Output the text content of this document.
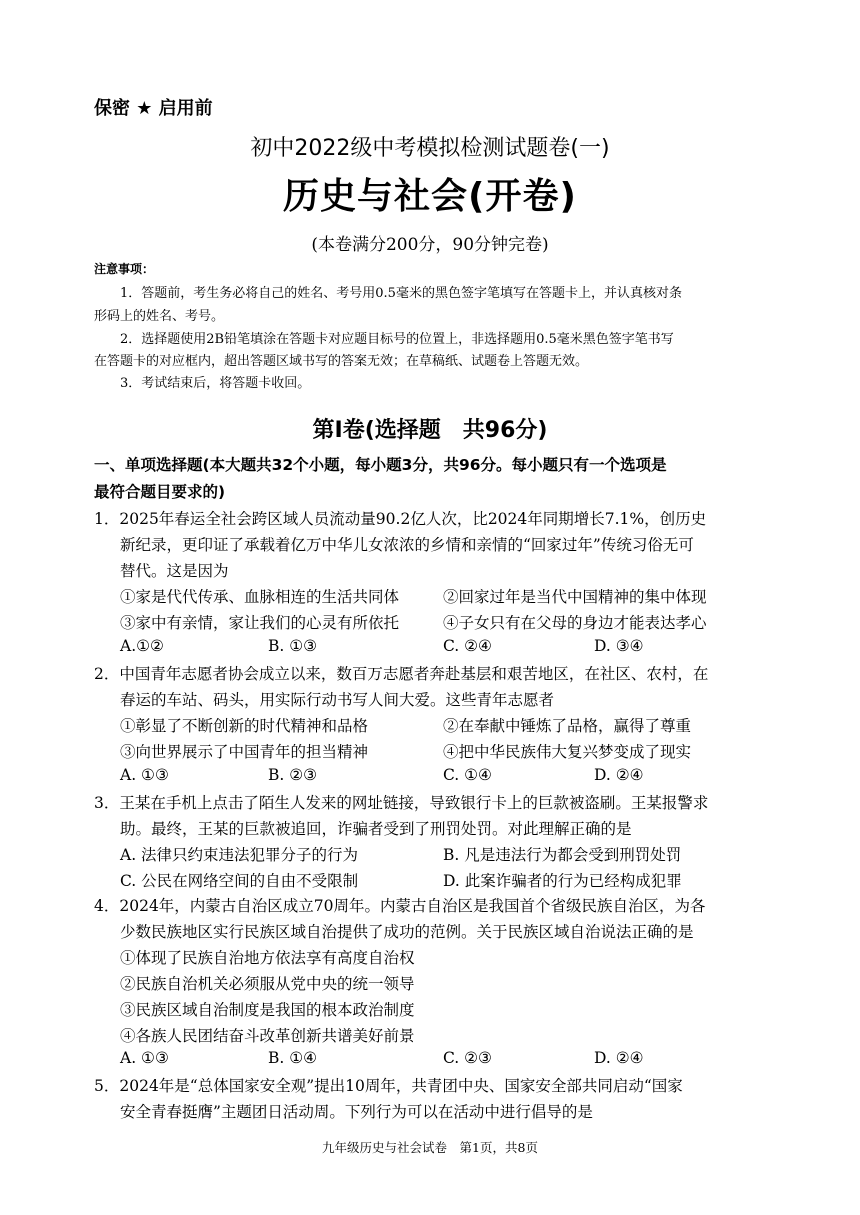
保密 ★ 启用前
初中2022级中考模拟检测试题卷(一)
历史与社会(开卷)
(本卷满分200分，90分钟完卷)
注意事项：
1．答题前，考生务必将自己的姓名、考号用0.5毫米的黑色签字笔填写在答题卡上，并认真核对条
形码上的姓名、考号。
2．选择题使用2B铅笔填涂在答题卡对应题目标号的位置上，非选择题用0.5毫米黑色签字笔书写
在答题卡的对应框内，超出答题区域书写的答案无效；在草稿纸、试题卷上答题无效。
3．考试结束后，将答题卡收回。
第Ⅰ卷(选择题　共96分)
一、单项选择题(本大题共32个小题，每小题3分，共96分。每小题只有一个选项是
最符合题目要求的)
1．2025年春运全社会跨区域人员流动量90.2亿人次，比2024年同期增长7.1%，创历史
新纪录，更印证了承载着亿万中华儿女浓浓的乡情和亲情的“回家过年”传统习俗无可
替代。这是因为
①家是代代传承、血脉相连的生活共同体	②回家过年是当代中国精神的集中体现
③家中有亲情，家让我们的心灵有所依托	④子女只有在父母的身边才能表达孝心
A.①②	B. ①③	C. ②④	D. ③④
2．中国青年志愿者协会成立以来，数百万志愿者奔赴基层和艰苦地区，在社区、农村，在
春运的车站、码头，用实际行动书写人间大爱。这些青年志愿者
①彰显了不断创新的时代精神和品格	②在奉献中锤炼了品格，赢得了尊重
③向世界展示了中国青年的担当精神	④把中华民族伟大复兴梦变成了现实
A. ①③	B. ②③	C. ①④	D. ②④
3．王某在手机上点击了陌生人发来的网址链接，导致银行卡上的巨款被盗刷。王某报警求
助。最终，王某的巨款被追回，诈骗者受到了刑罚处罚。对此理解正确的是
A. 法律只约束违法犯罪分子的行为	B. 凡是违法行为都会受到刑罚处罚
C. 公民在网络空间的自由不受限制	D. 此案诈骗者的行为已经构成犯罪
4．2024年，内蒙古自治区成立70周年。内蒙古自治区是我国首个省级民族自治区，为各
少数民族地区实行民族区域自治提供了成功的范例。关于民族区域自治说法正确的是
①体现了民族自治地方依法享有高度自治权
②民族自治机关必须服从党中央的统一领导
③民族区域自治制度是我国的根本政治制度
④各族人民团结奋斗改革创新共谱美好前景
A. ①③	B. ①④	C. ②③	D. ②④
5．2024年是“总体国家安全观”提出10周年，共青团中央、国家安全部共同启动“国家
安全青春挺膺”主题团日活动周。下列行为可以在活动中进行倡导的是
九年级历史与社会试卷　第1页，共8页
